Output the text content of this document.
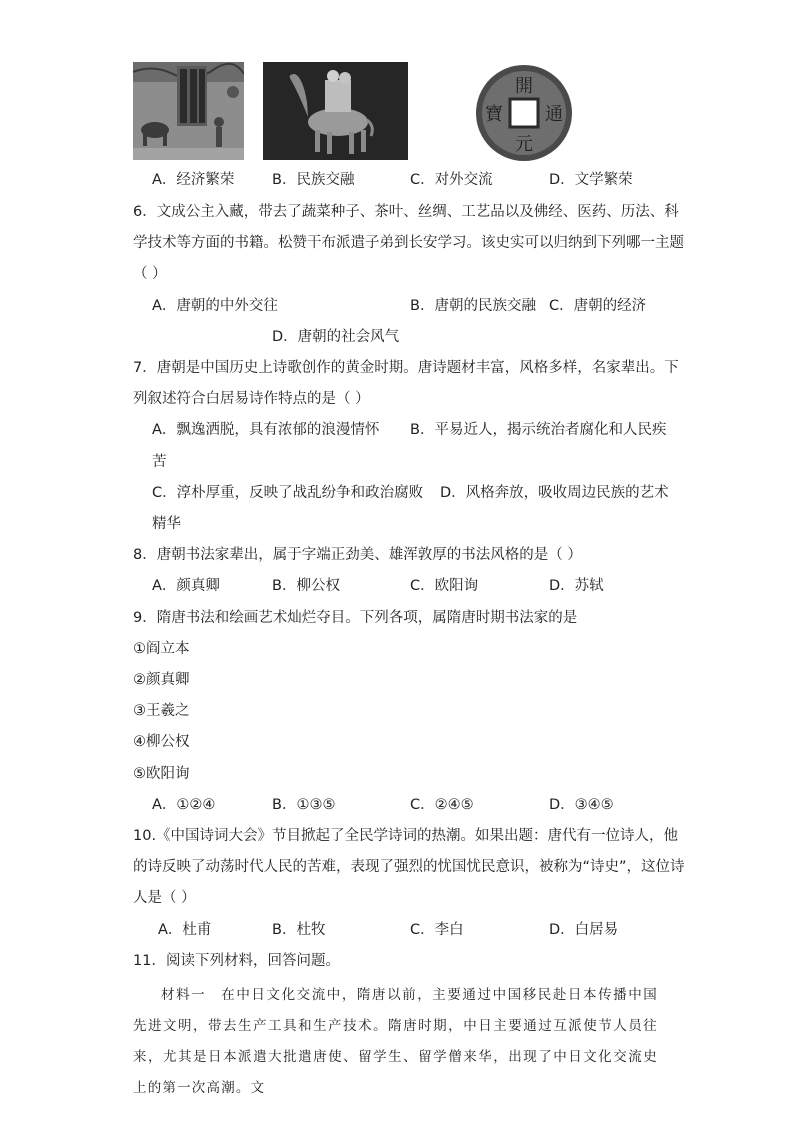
開
元
寶 通
A．经济繁荣	B．民族交融	C．对外交流	D．文学繁荣
6．文成公主入藏，带去了蔬菜种子、茶叶、丝绸、工艺品以及佛经、医药、历法、科
学技术等方面的书籍。松赞干布派遣子弟到长安学习。该史实可以归纳到下列哪一主题
（ ）
A．唐朝的中外交往	B．唐朝的民族交融 C．唐朝的经济
D．唐朝的社会风气
7．唐朝是中国历史上诗歌创作的黄金时期。唐诗题材丰富，风格多样，名家辈出。下
列叙述符合白居易诗作特点的是（ ）
A．飘逸洒脱，具有浓郁的浪漫情怀 B．平易近人，揭示统治者腐化和人民疾
苦
C．淳朴厚重，反映了战乱纷争和政治腐败 D．风格奔放，吸收周边民族的艺术
精华
8．唐朝书法家辈出，属于字端正劲美、雄浑敦厚的书法风格的是（ ）
A．颜真卿	B．柳公权	C．欧阳询	D．苏轼
9．隋唐书法和绘画艺术灿烂夺目。下列各项，属隋唐时期书法家的是
①阎立本
②颜真卿
③王羲之
④柳公权
⑤欧阳询
A．①②④	B．①③⑤	C．②④⑤	D．③④⑤
10.《中国诗词大会》节目掀起了全民学诗词的热潮。如果出题：唐代有一位诗人，他
的诗反映了动荡时代人民的苦难，表现了强烈的忧国忧民意识，被称为“诗史”，这位诗
人是（ ）
A．杜甫	B．杜牧	C．李白	D．白居易
11．阅读下列材料，回答问题。
材料一　在中日文化交流中，隋唐以前，主要通过中国移民赴日本传播中国先进文明，带去生产工具和生产技术。隋唐时期，中日主要通过互派使节人员往来，尤其是日本派遣大批遣唐使、留学生、留学僧来华，出现了中日文化交流史上的第一次高潮。文
